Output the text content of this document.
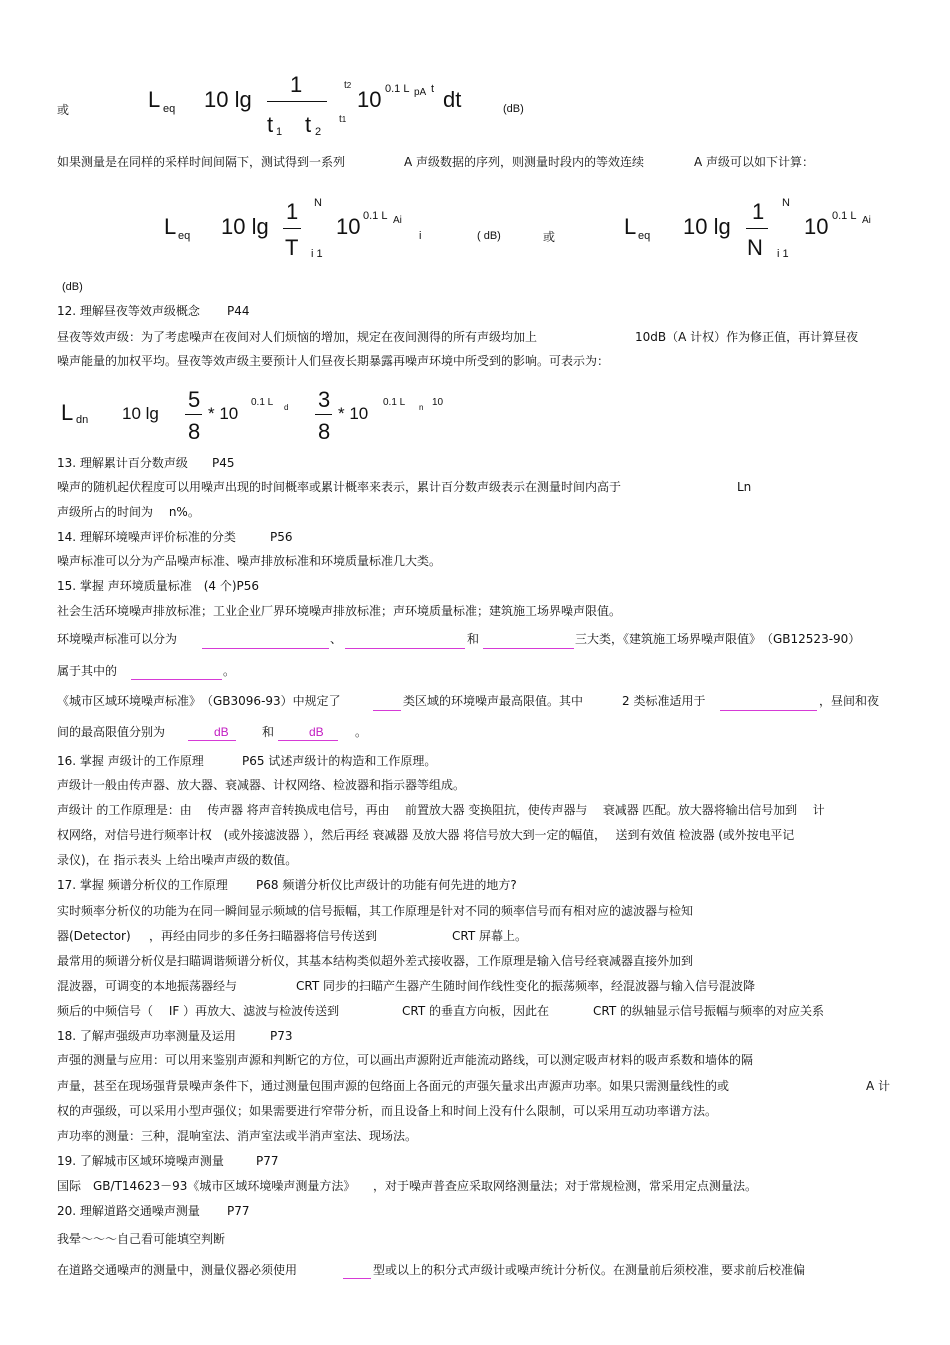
或	L eq 10 lg
1
t 1 t 2
t2
t1
10 0.1 L pA t dt	(dB)
如果测量是在同样的采样时间间隔下，测试得到一系列	A 声级数据的序列，则测量时段内的等效连续	A 声级可以如下计算：
L eq 10 lg
1
T
N
i 1
10 0.1 L Ai
i	( dB)	或	L eq 10 lg
1
N
N
i 1
10 0.1 L Ai
(dB)
12. 理解昼夜等效声级概念 P44
昼夜等效声级：为了考虑噪声在夜间对人们烦恼的增加，规定在夜间测得的所有声级均加上	10dB（A 计权）作为修正值，再计算昼夜
噪声能量的加权平均。昼夜等效声级主要预计人们昼夜长期暴露再噪声环境中所受到的影响。可表示为：
L dn 10 lg
5
8
* 10
0.1 L d 3
8
* 10
0.1 L n 10
13. 理解累计百分数声级 P45
噪声的随机起伏程度可以用噪声出现的时间概率或累计概率来表示，累计百分数声级表示在测量时间内高于	Ln
声级所占的时间为　 n%。
14. 理解环境噪声评价标准的分类	P56
噪声标准可以分为产品噪声标准、噪声排放标准和环境质量标准几大类。
15. 掌握 声环境质量标准　(4 个)P56
社会生活环境噪声排放标准；工业企业厂界环境噪声排放标准；声环境质量标准；建筑施工场界噪声限值。
环境噪声标准可以分为	、	和	三大类，《建筑施工场界噪声限值》　（GB12523-90）
属于其中的	。
《城市区域环境噪声标准》　（GB3096-93）中规定了	类区域的环境噪声最高限值。其中	2 类标准适用于	，昼间和夜
间的最高限值分别为	和	。
dB	dB
16. 掌握 声级计的工作原理	P65 试述声级计的构造和工作原理。
声级计一般由传声器、放大器、衰减器、计权网络、检波器和指示器等组成。
声级计 的工作原理是：由　 传声器 将声音转换成电信号，再由　 前置放大器 变换阻抗，使传声器与　 衰减器 匹配。放大器将输出信号加到　 计
权网络，对信号进行频率计权　(或外接滤波器 ），然后再经 衰减器 及放大器 将信号放大到一定的幅值，　 送到有效值 检波器 (或外按电平记
录仪)，在 指示表头 上给出噪声声级的数值。
17. 掌握 频谱分析仪的工作原理 P68 频谱分析仪比声级计的功能有何先进的地方?
实时频率分析仪的功能为在同一瞬间显示频域的信号振幅，其工作原理是针对不同的频率信号而有相对应的滤波器与检知
器(Detector) ，再经由同步的多任务扫瞄器将信号传送到	CRT 屏幕上。
最常用的频谱分析仪是扫瞄调谐频谱分析仪，其基本结构类似超外差式接收器，工作原理是输入信号经衰减器直接外加到
混波器，可调变的本地振荡器经与	CRT 同步的扫瞄产生器产生随时间作线性变化的振荡频率，经混波器与输入信号混波降
频后的中频信号（　 IF ）再放大、滤波与检波传送到	CRT 的垂直方向板，因此在	CRT 的纵轴显示信号振幅与频率的对应关系
18. 了解声强级声功率测量及运用	P73
声强的测量与应用：可以用来鉴别声源和判断它的方位，可以画出声源附近声能流动路线，可以测定吸声材料的吸声系数和墙体的隔
声量，甚至在现场强背景噪声条件下，通过测量包围声源的包络面上各面元的声强矢量求出声源声功率。如果只需测量线性的或	A 计
权的声强级，可以采用小型声强仪；如果需要进行窄带分析，而且设备上和时间上没有什么限制，可以采用互动功率谱方法。
声功率的测量：三种，混响室法、消声室法或半消声室法、现场法。
19. 了解城市区域环境噪声测量	P77
国际　GB/T14623－93《城市区域环境噪声测量方法》 ，对于噪声普查应采取网络测量法；对于常规检测，常采用定点测量法。
20. 理解道路交通噪声测量 P77
我晕～～～自己看可能填空判断
在道路交通噪声的测量中，测量仪器必须使用	型或以上的积分式声级计或噪声统计分析仪。在测量前后须校准，要求前后校准偏
